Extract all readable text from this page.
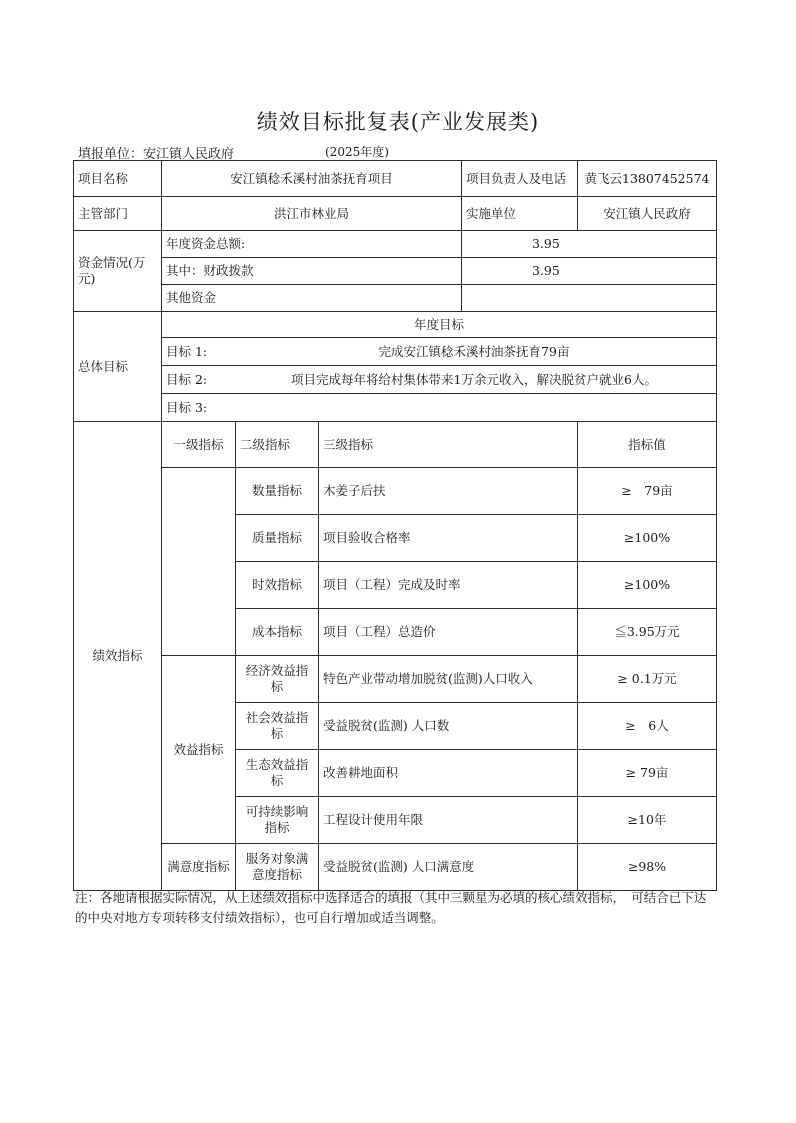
绩效目标批复表(产业发展类)
填报单位：安江镇人民政府	(2025年度)
项目名称	安江镇稔禾溪村油茶抚育项目			项目负责人及电话	黄飞云13807452574
主管部门	洪江市林业局			实施单位	安江镇人民政府
资金情况(万元)	年度资金总额:			3.95	
	其中：财政拨款			3.95	
	其他资金				
总体目标	年度目标				

	目标 1: 完成安江镇稔禾溪村油茶抚育79亩				

	目标 2: 项目完成每年将给村集体带来1万余元收入，解决脱贫户就业6人。				

	目标 3:				

绩效指标	一级指标	二级指标	三级指标		指标值
		数量指标	木姜子后扶		≥　79亩
		质量指标	项目验收合格率		≥100%
		时效指标	项目（工程）完成及时率		≥100%
		成本指标	项目（工程）总造价		≦3.95万元
	效益指标	经济效益指标	特色产业带动增加脱贫(监测)人口收入		≥ 0.1万元
		社会效益指标	受益脱贫(监测) 人口数		≥　6人
		生态效益指标	改善耕地面积		≥ 79亩
		可持续影响指标	工程设计使用年限		≥10年
	满意度指标	服务对象满意度指标	受益脱贫(监测) 人口满意度		≥98%
注：各地请根据实际情况，从上述绩效指标中选择适合的填报（其中三颗星为必填的核心绩效指标，　可结合已下达的中央对地方专项转移支付绩效指标），也可自行增加或适当调整。
